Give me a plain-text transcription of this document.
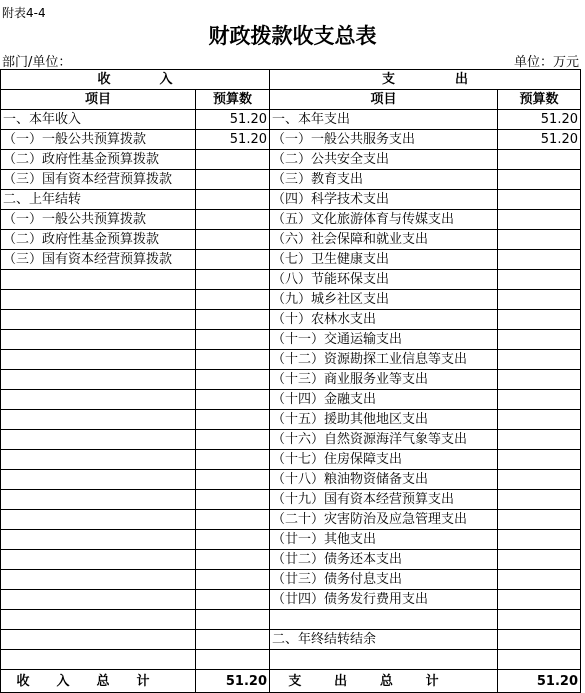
附表4-4
财政拨款收支总表
部门/单位：	单位：万元
收 入		支 出	

项目	预算数	项目	预算数
一、本年收入	51.20	一、本年支出	51.20
（一）一般公共预算拨款	51.20	（一）一般公共服务支出	51.20
（二）政府性基金预算拨款		（二）公共安全支出	
（三）国有资本经营预算拨款		（三）教育支出	
二、上年结转		（四）科学技术支出	
（一）一般公共预算拨款		（五）文化旅游体育与传媒支出	
（二）政府性基金预算拨款		（六）社会保障和就业支出	
（三）国有资本经营预算拨款		（七）卫生健康支出	
		（八）节能环保支出	
		（九）城乡社区支出	
		（十）农林水支出	
		（十一）交通运输支出	
		（十二）资源勘探工业信息等支出	
		（十三）商业服务业等支出	
		（十四）金融支出	
		（十五）援助其他地区支出	
		（十六）自然资源海洋气象等支出	
		（十七）住房保障支出	
		（十八）粮油物资储备支出	
		（十九）国有资本经营预算支出	
		（二十）灾害防治及应急管理支出	
		（廿一）其他支出	
		（廿二）债务还本支出	
		（廿三）债务付息支出	
		（廿四）债务发行费用支出	

		二、年终结转结余	

收 入 总 计	51.20	支 出 总 计	51.20
